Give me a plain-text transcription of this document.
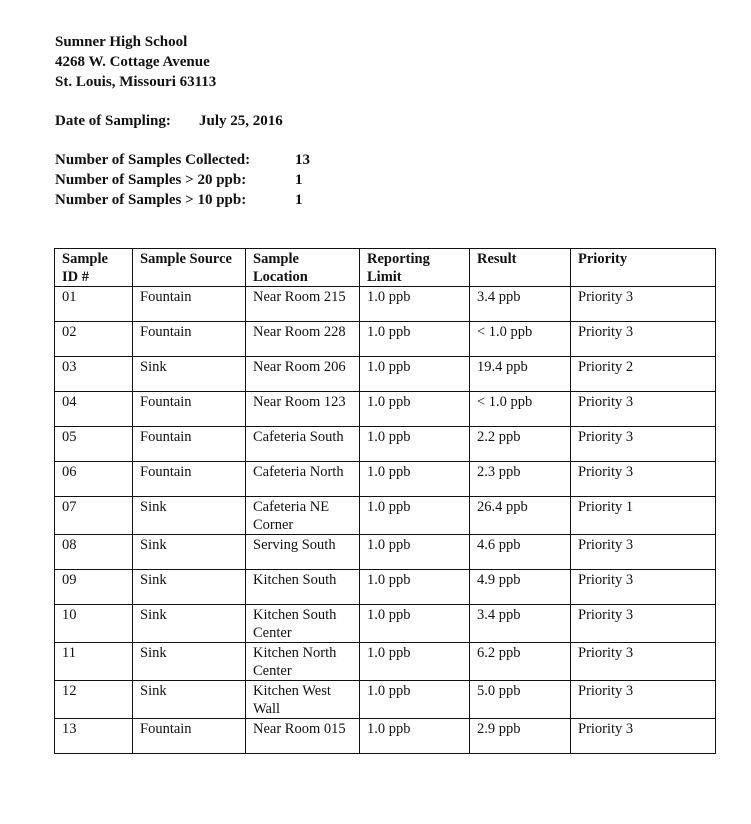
Sumner High School
4268 W. Cottage Avenue
St. Louis, Missouri 63113
Date of Sampling: July 25, 2016
Number of Samples Collected:	13
Number of Samples > 20 ppb:	1
Number of Samples > 10 ppb:	1
Sample ID #	Sample Source	Sample Location	Reporting Limit	Result	Priority
01	Fountain	Near Room 215	1.0 ppb	3.4 ppb	Priority 3
02	Fountain	Near Room 228	1.0 ppb	< 1.0 ppb	Priority 3
03	Sink	Near Room 206	1.0 ppb	19.4 ppb	Priority 2
04	Fountain	Near Room 123	1.0 ppb	< 1.0 ppb	Priority 3
05	Fountain	Cafeteria South	1.0 ppb	2.2 ppb	Priority 3
06	Fountain	Cafeteria North	1.0 ppb	2.3 ppb	Priority 3
07	Sink	Cafeteria NE Corner	1.0 ppb	26.4 ppb	Priority 1
08	Sink	Serving South	1.0 ppb	4.6 ppb	Priority 3
09	Sink	Kitchen South	1.0 ppb	4.9 ppb	Priority 3
10	Sink	Kitchen South Center	1.0 ppb	3.4 ppb	Priority 3
11	Sink	Kitchen North Center	1.0 ppb	6.2 ppb	Priority 3
12	Sink	Kitchen West Wall	1.0 ppb	5.0 ppb	Priority 3
13	Fountain	Near Room 015	1.0 ppb	2.9 ppb	Priority 3
